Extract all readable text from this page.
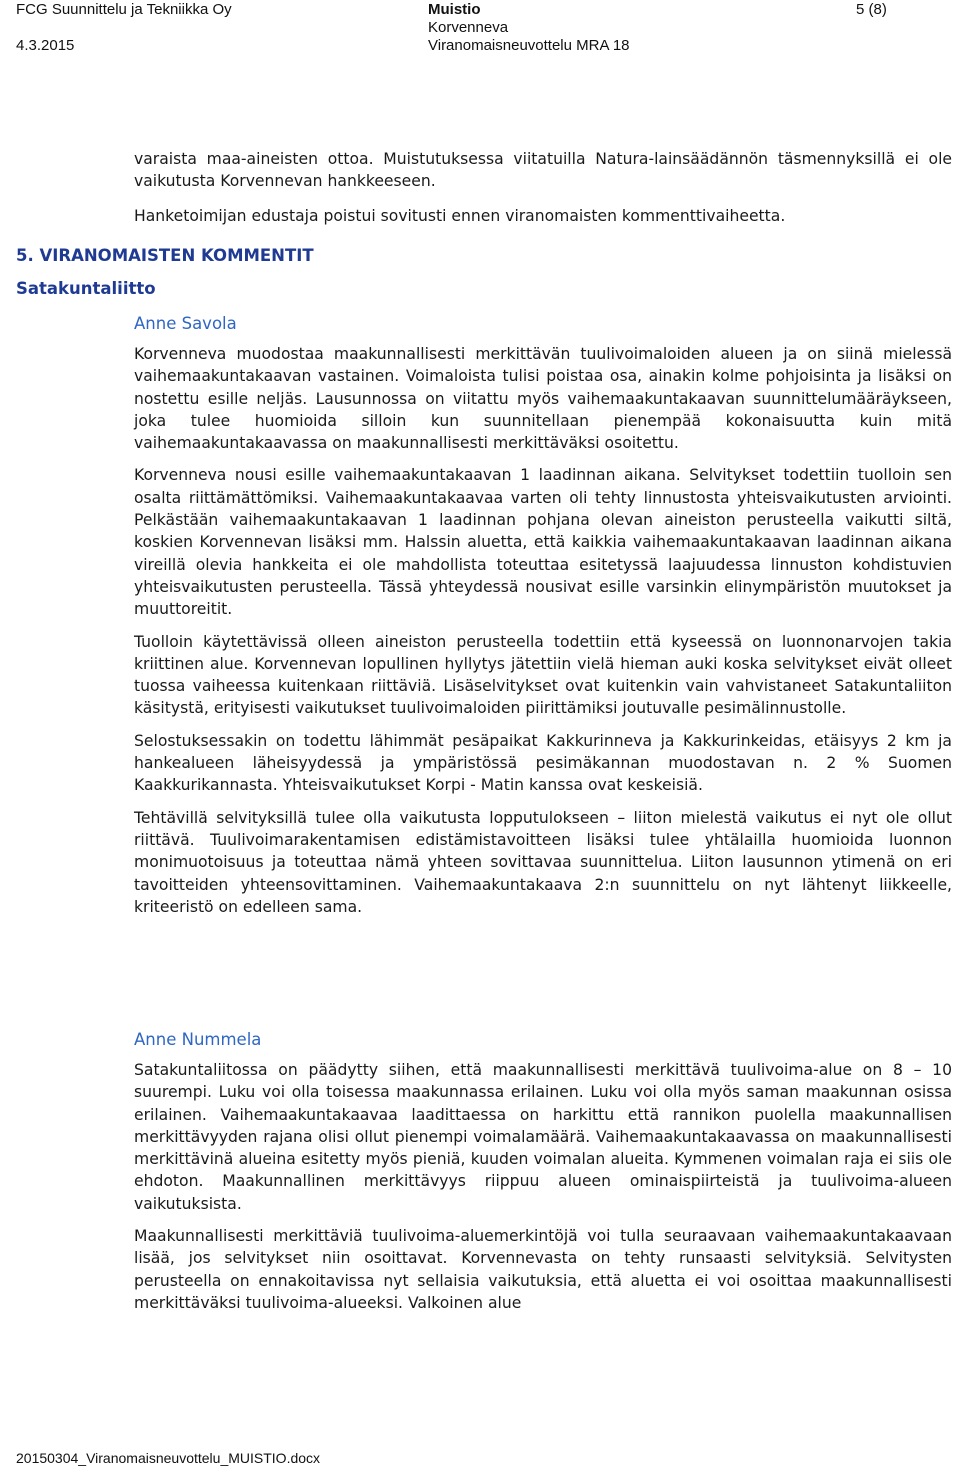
FCG Suunnittelu ja Tekniikka Oy
4.3.2015
Muistio
Korvenneva
Viranomaisneuvottelu MRA 18
5 (8)

varaista maa-aineisten ottoa. Muistutuksessa viitatuilla Natura-lainsäädännön täsmennyksillä ei ole vaikutusta Korvennevan hankkeeseen.

Hanketoimijan edustaja poistui sovitusti ennen viranomaisten kommenttivaiheetta.

5. VIRANOMAISTEN KOMMENTIT
Satakuntaliitto
Anne Savola

Korvenneva muodostaa maakunnallisesti merkittävän tuulivoimaloiden alueen ja on siinä mielessä vaihemaakuntakaavan vastainen. Voimaloista tulisi poistaa osa, ainakin kolme pohjoisinta ja lisäksi on nostettu esille neljäs. Lausunnossa on viitattu myös vaihemaakuntakaavan suunnittelumääräykseen, joka tulee huomioida silloin kun suunnitellaan pienempää kokonaisuutta kuin mitä vaihemaakuntakaavassa on maakunnallisesti merkittäväksi osoitettu.

Korvenneva nousi esille vaihemaakuntakaavan 1 laadinnan aikana. Selvitykset todettiin tuolloin sen osalta riittämättömiksi. Vaihemaakuntakaavaa varten oli tehty linnustosta yhteisvaikutusten arviointi. Pelkästään vaihemaakuntakaavan 1 laadinnan pohjana olevan aineiston perusteella vaikutti siltä, koskien Korvennevan lisäksi mm. Halssin aluetta, että kaikkia vaihemaakuntakaavan laadinnan aikana vireillä olevia hankkeita ei ole mahdollista toteuttaa esitetyssä laajuudessa linnuston kohdistuvien yhteisvaikutusten perusteella. Tässä yhteydessä nousivat esille varsinkin elinympäristön muutokset ja muuttoreitit.

Tuolloin käytettävissä olleen aineiston perusteella todettiin että kyseessä on luonnonarvojen takia kriittinen alue. Korvennevan lopullinen hyllytys jätettiin vielä hieman auki koska selvitykset eivät olleet tuossa vaiheessa kuitenkaan riittäviä. Lisäselvitykset ovat kuitenkin vain vahvistaneet Satakuntaliiton käsitystä, erityisesti vaikutukset tuulivoimaloiden piirittämiksi joutuvalle pesimälinnustolle.

Selostuksessakin on todettu lähimmät pesäpaikat Kakkurinneva ja Kakkurinkeidas, etäisyys 2 km ja hankealueen läheisyydessä ja ympäristössä pesimäkannan muodostavan n. 2 % Suomen Kaakkurikannasta. Yhteisvaikutukset Korpi - Matin kanssa ovat keskeisiä.

Tehtävillä selvityksillä tulee olla vaikutusta lopputulokseen – liiton mielestä vaikutus ei nyt ole ollut riittävä. Tuulivoimarakentamisen edistämistavoitteen lisäksi tulee yhtälailla huomioida luonnon monimuotoisuus ja toteuttaa nämä yhteen sovittavaa suunnittelua. Liiton lausunnon ytimenä on eri tavoitteiden yhteensovittaminen. Vaihemaakuntakaava 2:n suunnittelu on nyt lähtenyt liikkeelle, kriteeristö on edelleen sama.

Anne Nummela

Satakuntaliitossa on päädytty siihen, että maakunnallisesti merkittävä tuulivoima-alue on 8 – 10 suurempi. Luku voi olla toisessa maakunnassa erilainen. Luku voi olla myös saman maakunnan osissa erilainen. Vaihemaakuntakaavaa laadittaessa on harkittu että rannikon puolella maakunnallisen merkittävyyden rajana olisi ollut pienempi voimalamäärä. Vaihemaakuntakaavassa on maakunnallisesti merkittävinä alueina esitetty myös pieniä, kuuden voimalan alueita. Kymmenen voimalan raja ei siis ole ehdoton. Maakunnallinen merkittävyys riippuu alueen ominaispiirteistä ja tuulivoima-alueen vaikutuksista.

Maakunnallisesti merkittäviä tuulivoima-aluemerkintöjä voi tulla seuraavaan vaihemaakuntakaavaan lisää, jos selvitykset niin osoittavat. Korvennevasta on tehty runsaasti selvityksiä. Selvitysten perusteella on ennakoitavissa nyt sellaisia vaikutuksia, että aluetta ei voi osoittaa maakunnallisesti merkittäväksi tuulivoima-alueeksi. Valkoinen alue

20150304_Viranomaisneuvottelu_MUISTIO.docx
